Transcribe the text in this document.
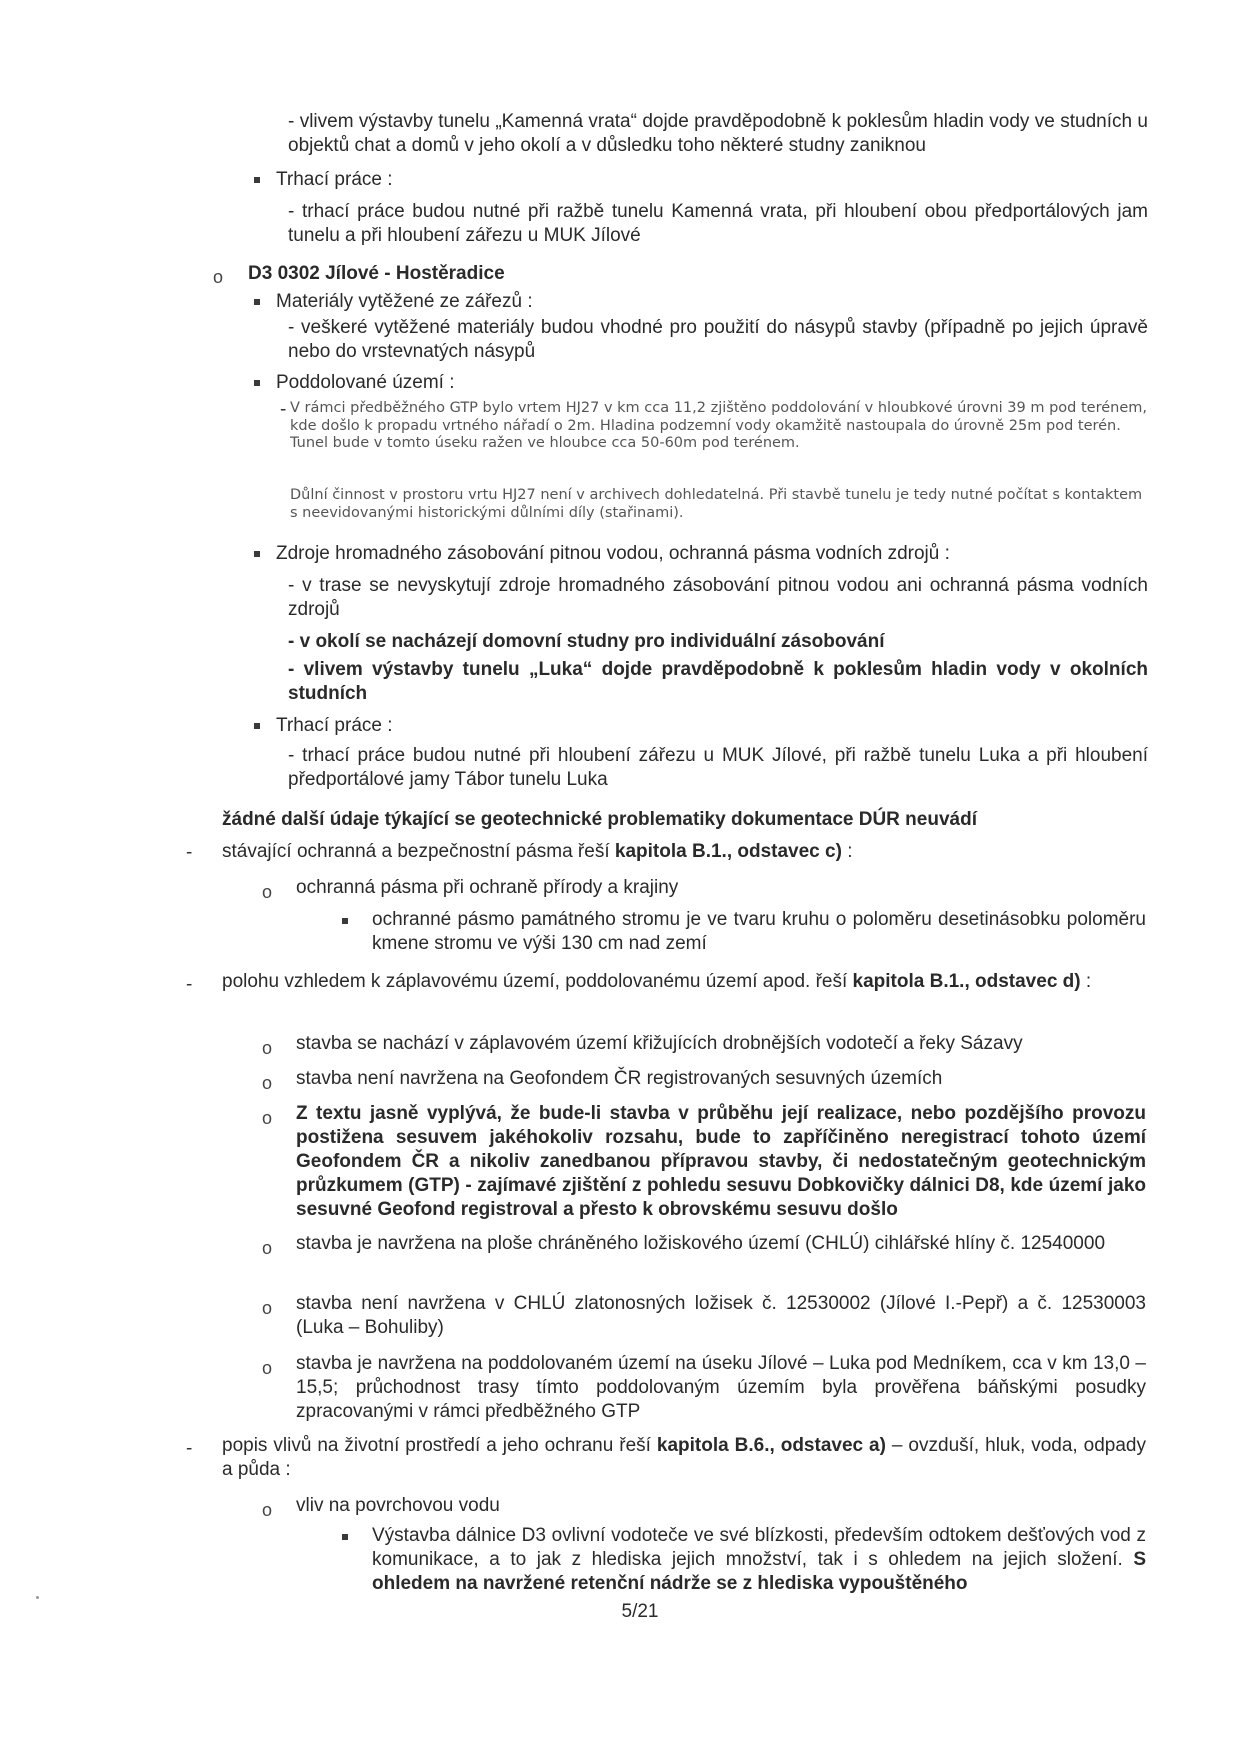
- vlivem výstavby tunelu „Kamenná vrata“ dojde pravděpodobně k poklesům hladin vody ve studních u objektů chat a domů v jeho okolí a v důsledku toho některé studny zaniknou
Trhací práce :
- trhací práce budou nutné při ražbě tunelu Kamenná vrata, při hloubení obou předportálových jam tunelu a při hloubení zářezu u MUK Jílové
o D3 0302 Jílové - Hostěradice
Materiály vytěžené ze zářezů :
- veškeré vytěžené materiály budou vhodné pro použití do násypů stavby (případně po jejich úpravě nebo do vrstevnatých násypů
Poddolované území :
- V rámci předběžného GTP bylo vrtem HJ27 v km cca 11,2 zjištěno poddolování v hloubkové úrovni 39 m pod terénem, kde došlo k propadu vrtného nářadí o 2m. Hladina podzemní vody okamžitě nastoupala do úrovně 25m pod terén. Tunel bude v tomto úseku ražen ve hloubce cca 50-60m pod terénem.
Důlní činnost v prostoru vrtu HJ27 není v archivech dohledatelná. Při stavbě tunelu je tedy nutné počítat s kontaktem s neevidovanými historickými důlními díly (stařinami).
Zdroje hromadného zásobování pitnou vodou, ochranná pásma vodních zdrojů :
- v trase se nevyskytují zdroje hromadného zásobování pitnou vodou ani ochranná pásma vodních zdrojů
- v okolí se nacházejí domovní studny pro individuální zásobování
- vlivem výstavby tunelu „Luka“ dojde pravděpodobně k poklesům hladin vody v okolních studních
Trhací práce :
- trhací práce budou nutné při hloubení zářezu u MUK Jílové, při ražbě tunelu Luka a při hloubení předportálové jamy Tábor tunelu Luka
žádné další údaje týkající se geotechnické problematiky dokumentace DÚR neuvádí
- stávající ochranná a bezpečnostní pásma řeší kapitola B.1., odstavec c) :
o ochranná pásma při ochraně přírody a krajiny
ochranné pásmo památného stromu je ve tvaru kruhu o poloměru desetinásobku poloměru kmene stromu ve výši 130 cm nad zemí
- polohu vzhledem k záplavovému území, poddolovanému území apod. řeší kapitola B.1., odstavec d) :
o stavba se nachází v záplavovém území křižujících drobnějších vodotečí a řeky Sázavy
o stavba není navržena na Geofondem ČR registrovaných sesuvných územích
o Z textu jasně vyplývá, že bude-li stavba v průběhu její realizace, nebo pozdějšího provozu postižena sesuvem jakéhokoliv rozsahu, bude to zapříčiněno neregistrací tohoto území Geofondem ČR a nikoliv zanedbanou přípravou stavby, či nedostatečným geotechnickým průzkumem (GTP) - zajímavé zjištění z pohledu sesuvu Dobkovičky dálnici D8, kde území jako sesuvné Geofond registroval a přesto k obrovskému sesuvu došlo
o stavba je navržena na ploše chráněného ložiskového území (CHLÚ) cihlářské hlíny č. 12540000
o stavba není navržena v CHLÚ zlatonosných ložisek č. 12530002 (Jílové I.-Pepř) a č. 12530003 (Luka – Bohuliby)
o stavba je navržena na poddolovaném území na úseku Jílové – Luka pod Medníkem, cca v km 13,0 – 15,5; průchodnost trasy tímto poddolovaným územím byla prověřena báňskými posudky zpracovanými v rámci předběžného GTP
- popis vlivů na životní prostředí a jeho ochranu řeší kapitola B.6., odstavec a) – ovzduší, hluk, voda, odpady a půda :
o vliv na povrchovou vodu
Výstavba dálnice D3 ovlivní vodoteče ve své blízkosti, především odtokem dešťových vod z komunikace, a to jak z hlediska jejich množství, tak i s ohledem na jejich složení. S ohledem na navržené retenční nádrže se z hlediska vypouštěného
5/21
